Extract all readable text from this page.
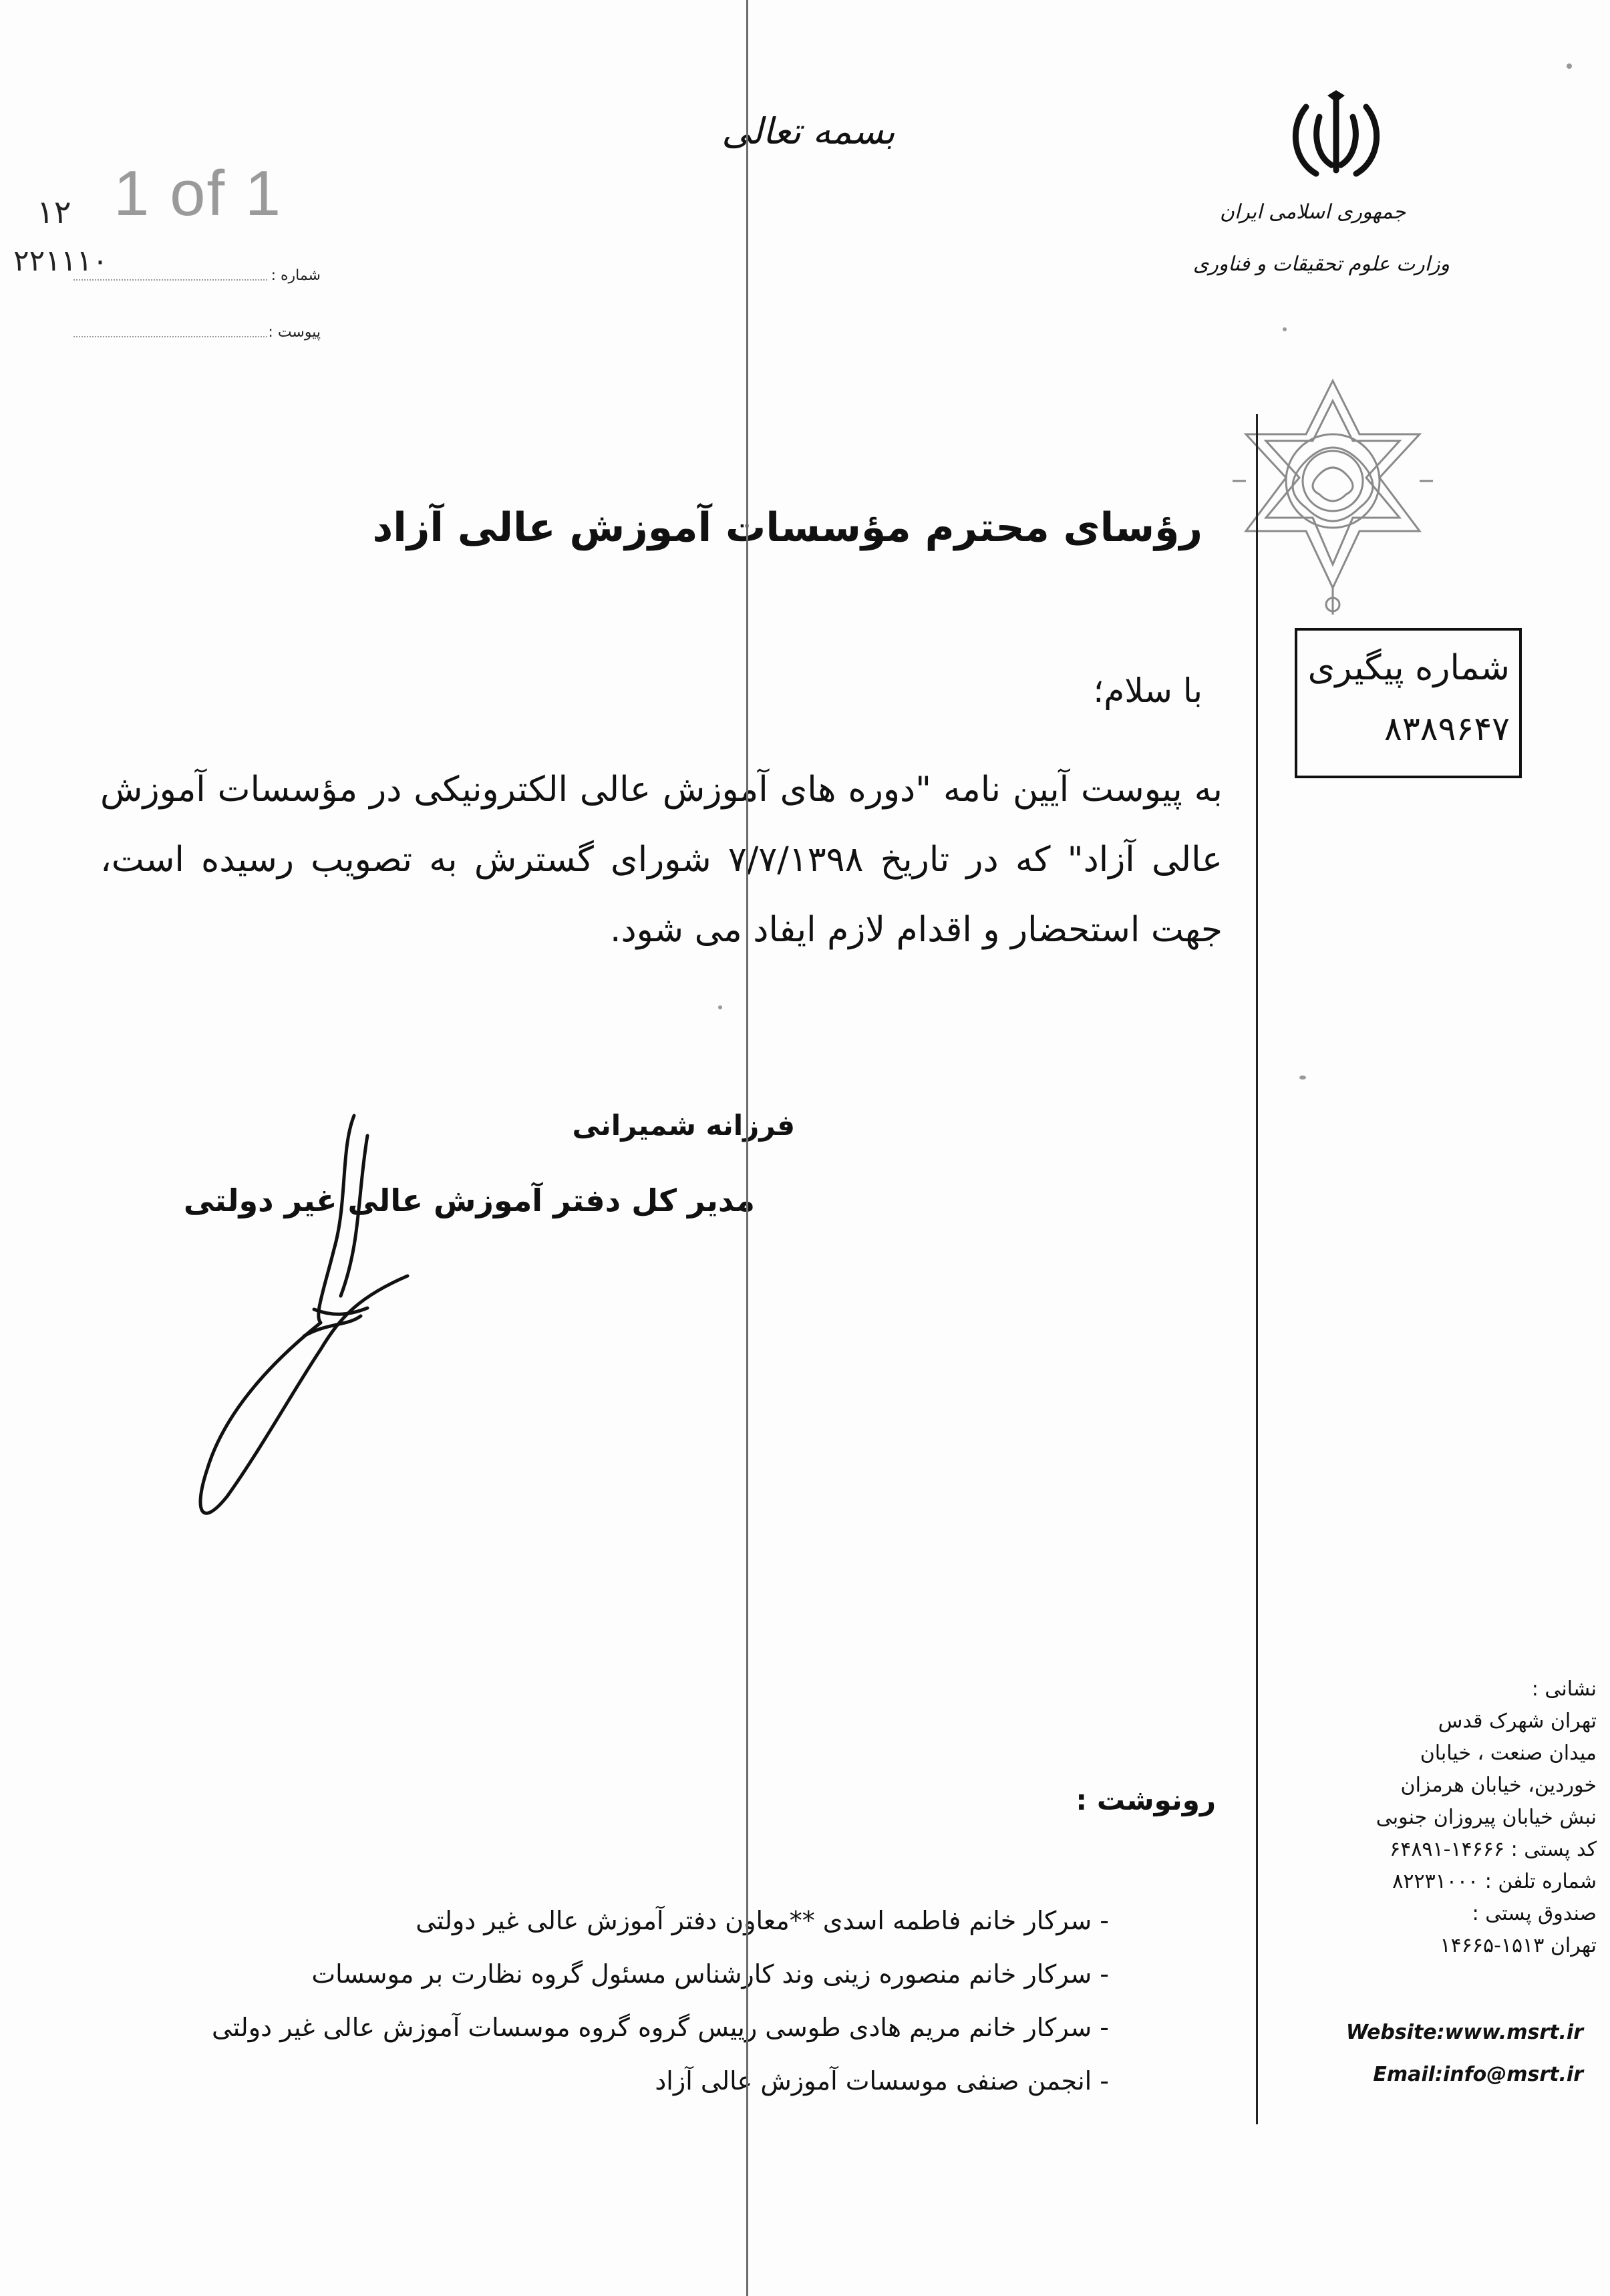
1 of 1
۱۲
۲۲۱۱۱۰	شماره :
پیوست :
بسمه تعالی
جمهوری اسلامی ایران
وزارت علوم تحقیقات و فناوری
شماره پیگیری
۸۳۸۹۶۴۷
رؤسای محترم مؤسسات آموزش عالی آزاد
با سلام؛
به پیوست آیین نامه "دوره های آموزش عالی الکترونیکی در مؤسسات آموزش عالی آزاد" که در تاریخ ۷/۷/۱۳۹۸ شورای گسترش به تصویب رسیده است، جهت استحضار و اقدام لازم ایفاد می شود.
فرزانه شمیرانی
مدیر کل دفتر آموزش عالی غیر دولتی
نشانی :
تهران شهرک قدس
میدان صنعت ، خیابان
خوردین، خیابان هرمزان
نبش خیابان پیروزان جنوبی
کد پستی : ۱۴۶۶۶-۶۴۸۹۱
شماره تلفن : ۸۲۲۳۱۰۰۰
صندوق پستی :
تهران ۱۵۱۳-۱۴۶۶۵
Website:www.msrt.ir
Email:info@msrt.ir
رونوشت :
- سرکار خانم فاطمه اسدی **معاون دفتر آموزش عالی غیر دولتی
- سرکار خانم منصوره زینی وند کارشناس مسئول گروه نظارت بر موسسات
- سرکار خانم مریم هادی طوسی رییس گروه گروه موسسات آموزش عالی غیر دولتی
- انجمن صنفی موسسات آموزش عالی آزاد
